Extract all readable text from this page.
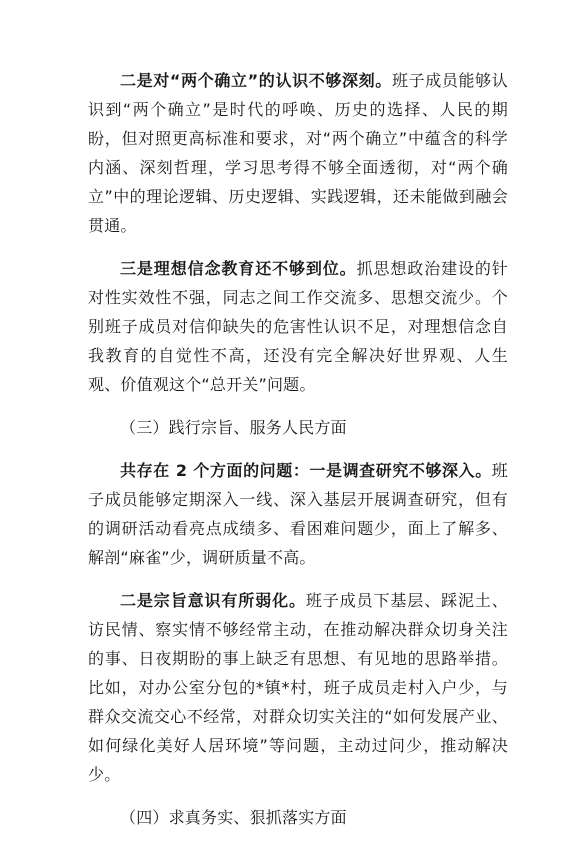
二是对“两个确立”的认识不够深刻。班子成员能够认识到“两个确立”是时代的呼唤、历史的选择、人民的期盼，但对照更高标准和要求，对“两个确立”中蕴含的科学内涵、深刻哲理，学习思考得不够全面透彻，对“两个确立”中的理论逻辑、历史逻辑、实践逻辑，还未能做到融会贯通。

三是理想信念教育还不够到位。抓思想政治建设的针对性实效性不强，同志之间工作交流多、思想交流少。个别班子成员对信仰缺失的危害性认识不足，对理想信念自我教育的自觉性不高，还没有完全解决好世界观、人生观、价值观这个“总开关”问题。

（三）践行宗旨、服务人民方面

共存在 2 个方面的问题：一是调查研究不够深入。班子成员能够定期深入一线、深入基层开展调查研究，但有的调研活动看亮点成绩多、看困难问题少，面上了解多、解剖“麻雀”少，调研质量不高。

二是宗旨意识有所弱化。班子成员下基层、踩泥土、访民情、察实情不够经常主动，在推动解决群众切身关注的事、日夜期盼的事上缺乏有思想、有见地的思路举措。比如，对办公室分包的*镇*村，班子成员走村入户少，与群众交流交心不经常，对群众切实关注的“如何发展产业、如何绿化美好人居环境”等问题，主动过问少，推动解决少。

（四）求真务实、狠抓落实方面
